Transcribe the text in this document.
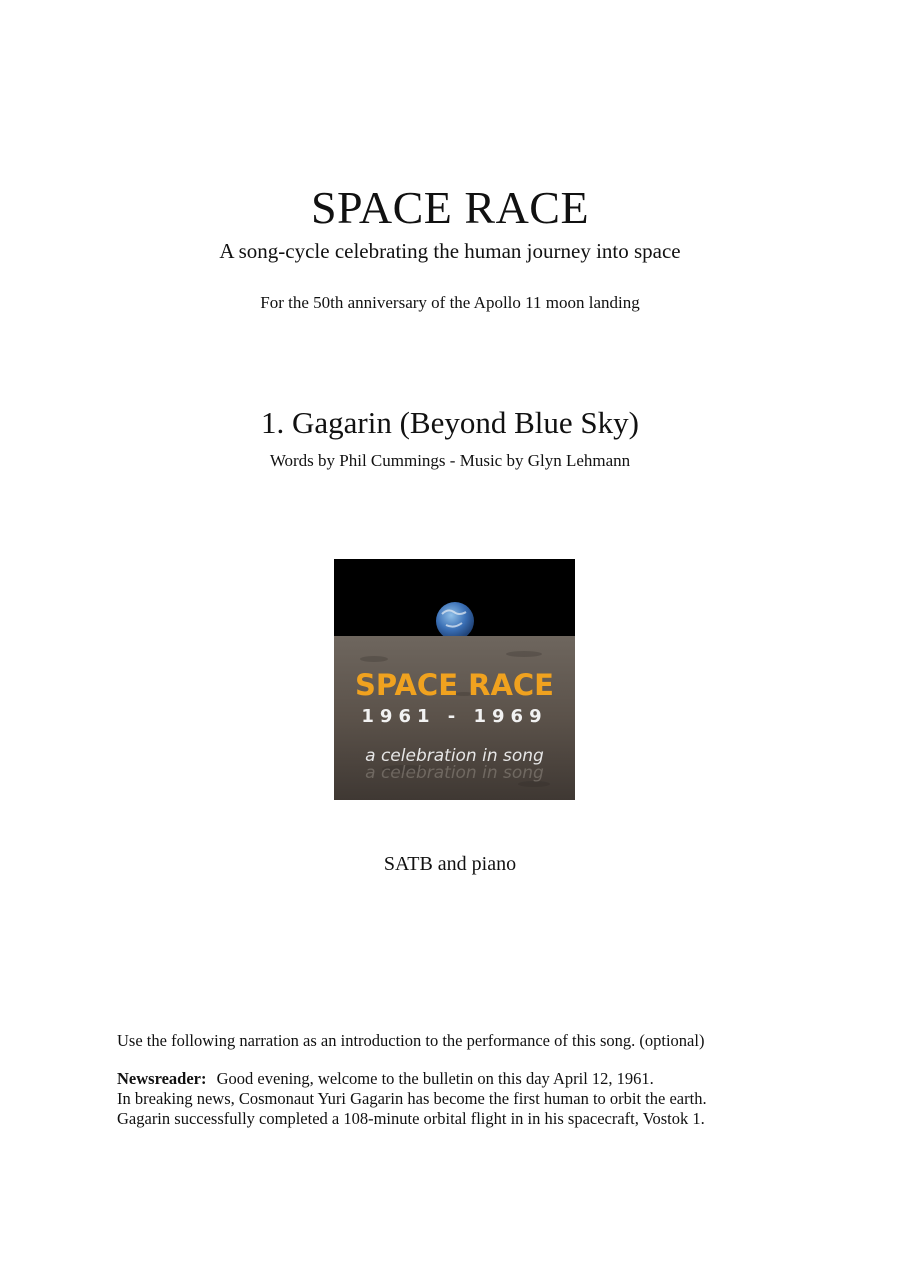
SPACE RACE
A song-cycle celebrating the human journey into space
For the 50th anniversary of the Apollo 11 moon landing
1. Gagarin (Beyond Blue Sky)
Words by Phil Cummings - Music by Glyn Lehmann
SPACE RACE
1961 - 1969
a celebration in song
a celebration in song
SATB and piano
Use the following narration as an introduction to the performance of this song. (optional)
Newsreader: Good evening, welcome to the bulletin on this day April 12, 1961.
In breaking news, Cosmonaut Yuri Gagarin has become the first human to orbit the earth.
Gagarin successfully completed a 108-minute orbital flight in in his spacecraft, Vostok 1.
